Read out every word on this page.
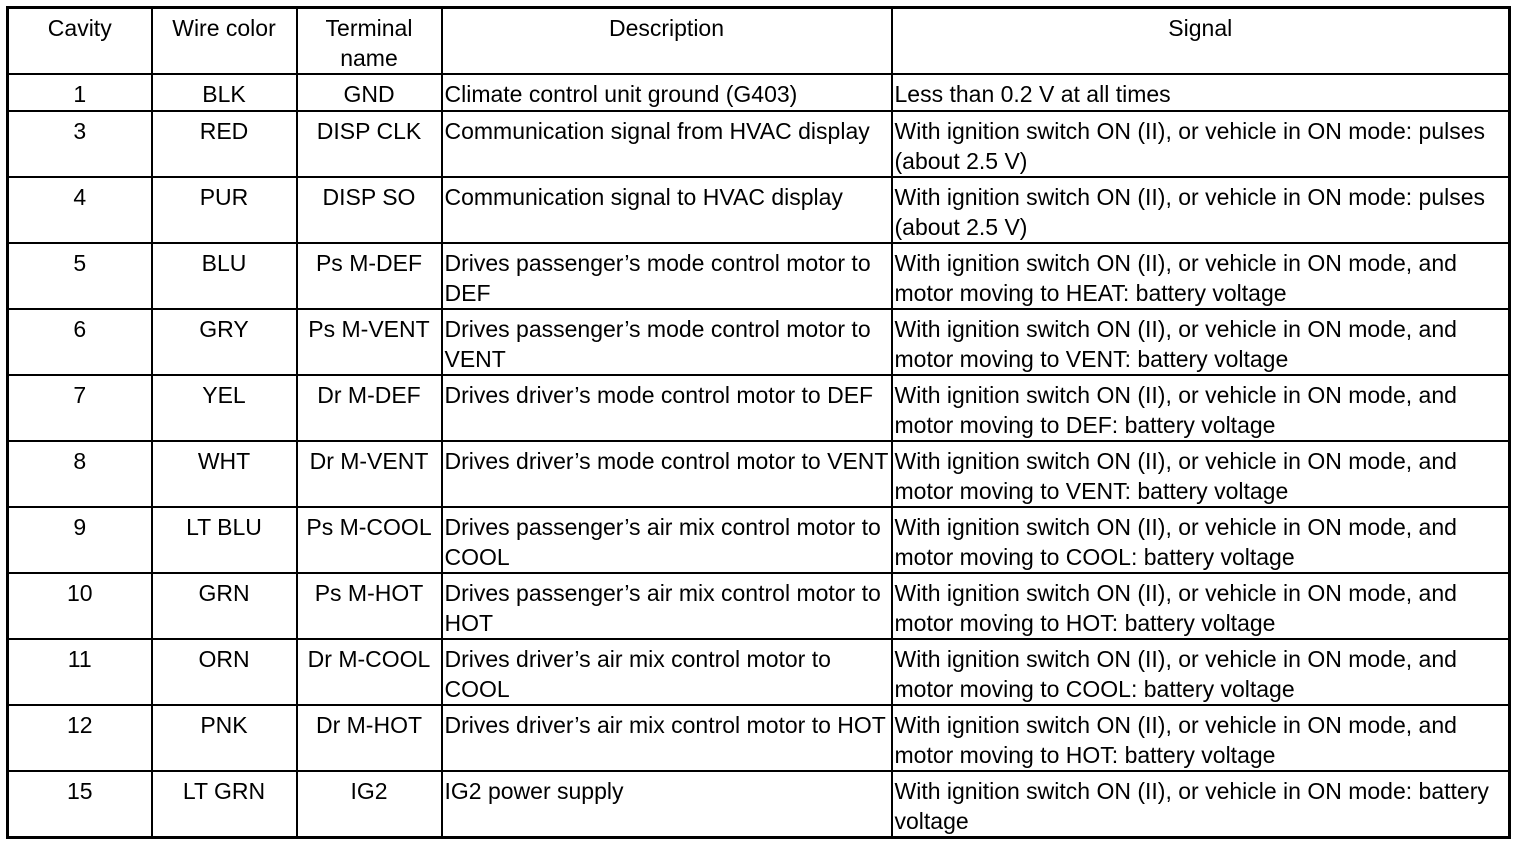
Cavity	Wire color	Terminal name	Description	Signal
1	BLK	GND	Climate control unit ground (G403)	Less than 0.2 V at all times
3	RED	DISP CLK	Communication signal from HVAC display	With ignition switch ON (II), or vehicle in ON mode: pulses (about 2.5 V)
4	PUR	DISP SO	Communication signal to HVAC display	With ignition switch ON (II), or vehicle in ON mode: pulses (about 2.5 V)
5	BLU	Ps M-DEF	Drives passenger’s mode control motor to DEF	With ignition switch ON (II), or vehicle in ON mode, and motor moving to HEAT: battery voltage
6	GRY	Ps M-VENT	Drives passenger’s mode control motor to VENT	With ignition switch ON (II), or vehicle in ON mode, and motor moving to VENT: battery voltage
7	YEL	Dr M-DEF	Drives driver’s mode control motor to DEF	With ignition switch ON (II), or vehicle in ON mode, and motor moving to DEF: battery voltage
8	WHT	Dr M-VENT	Drives driver’s mode control motor to VENT	With ignition switch ON (II), or vehicle in ON mode, and motor moving to VENT: battery voltage
9	LT BLU	Ps M-COOL	Drives passenger’s air mix control motor to COOL	With ignition switch ON (II), or vehicle in ON mode, and motor moving to COOL: battery voltage
10	GRN	Ps M-HOT	Drives passenger’s air mix control motor to HOT	With ignition switch ON (II), or vehicle in ON mode, and motor moving to HOT: battery voltage
11	ORN	Dr M-COOL	Drives driver’s air mix control motor to COOL	With ignition switch ON (II), or vehicle in ON mode, and motor moving to COOL: battery voltage
12	PNK	Dr M-HOT	Drives driver’s air mix control motor to HOT	With ignition switch ON (II), or vehicle in ON mode, and motor moving to HOT: battery voltage
15	LT GRN	IG2	IG2 power supply	With ignition switch ON (II), or vehicle in ON mode: battery voltage
